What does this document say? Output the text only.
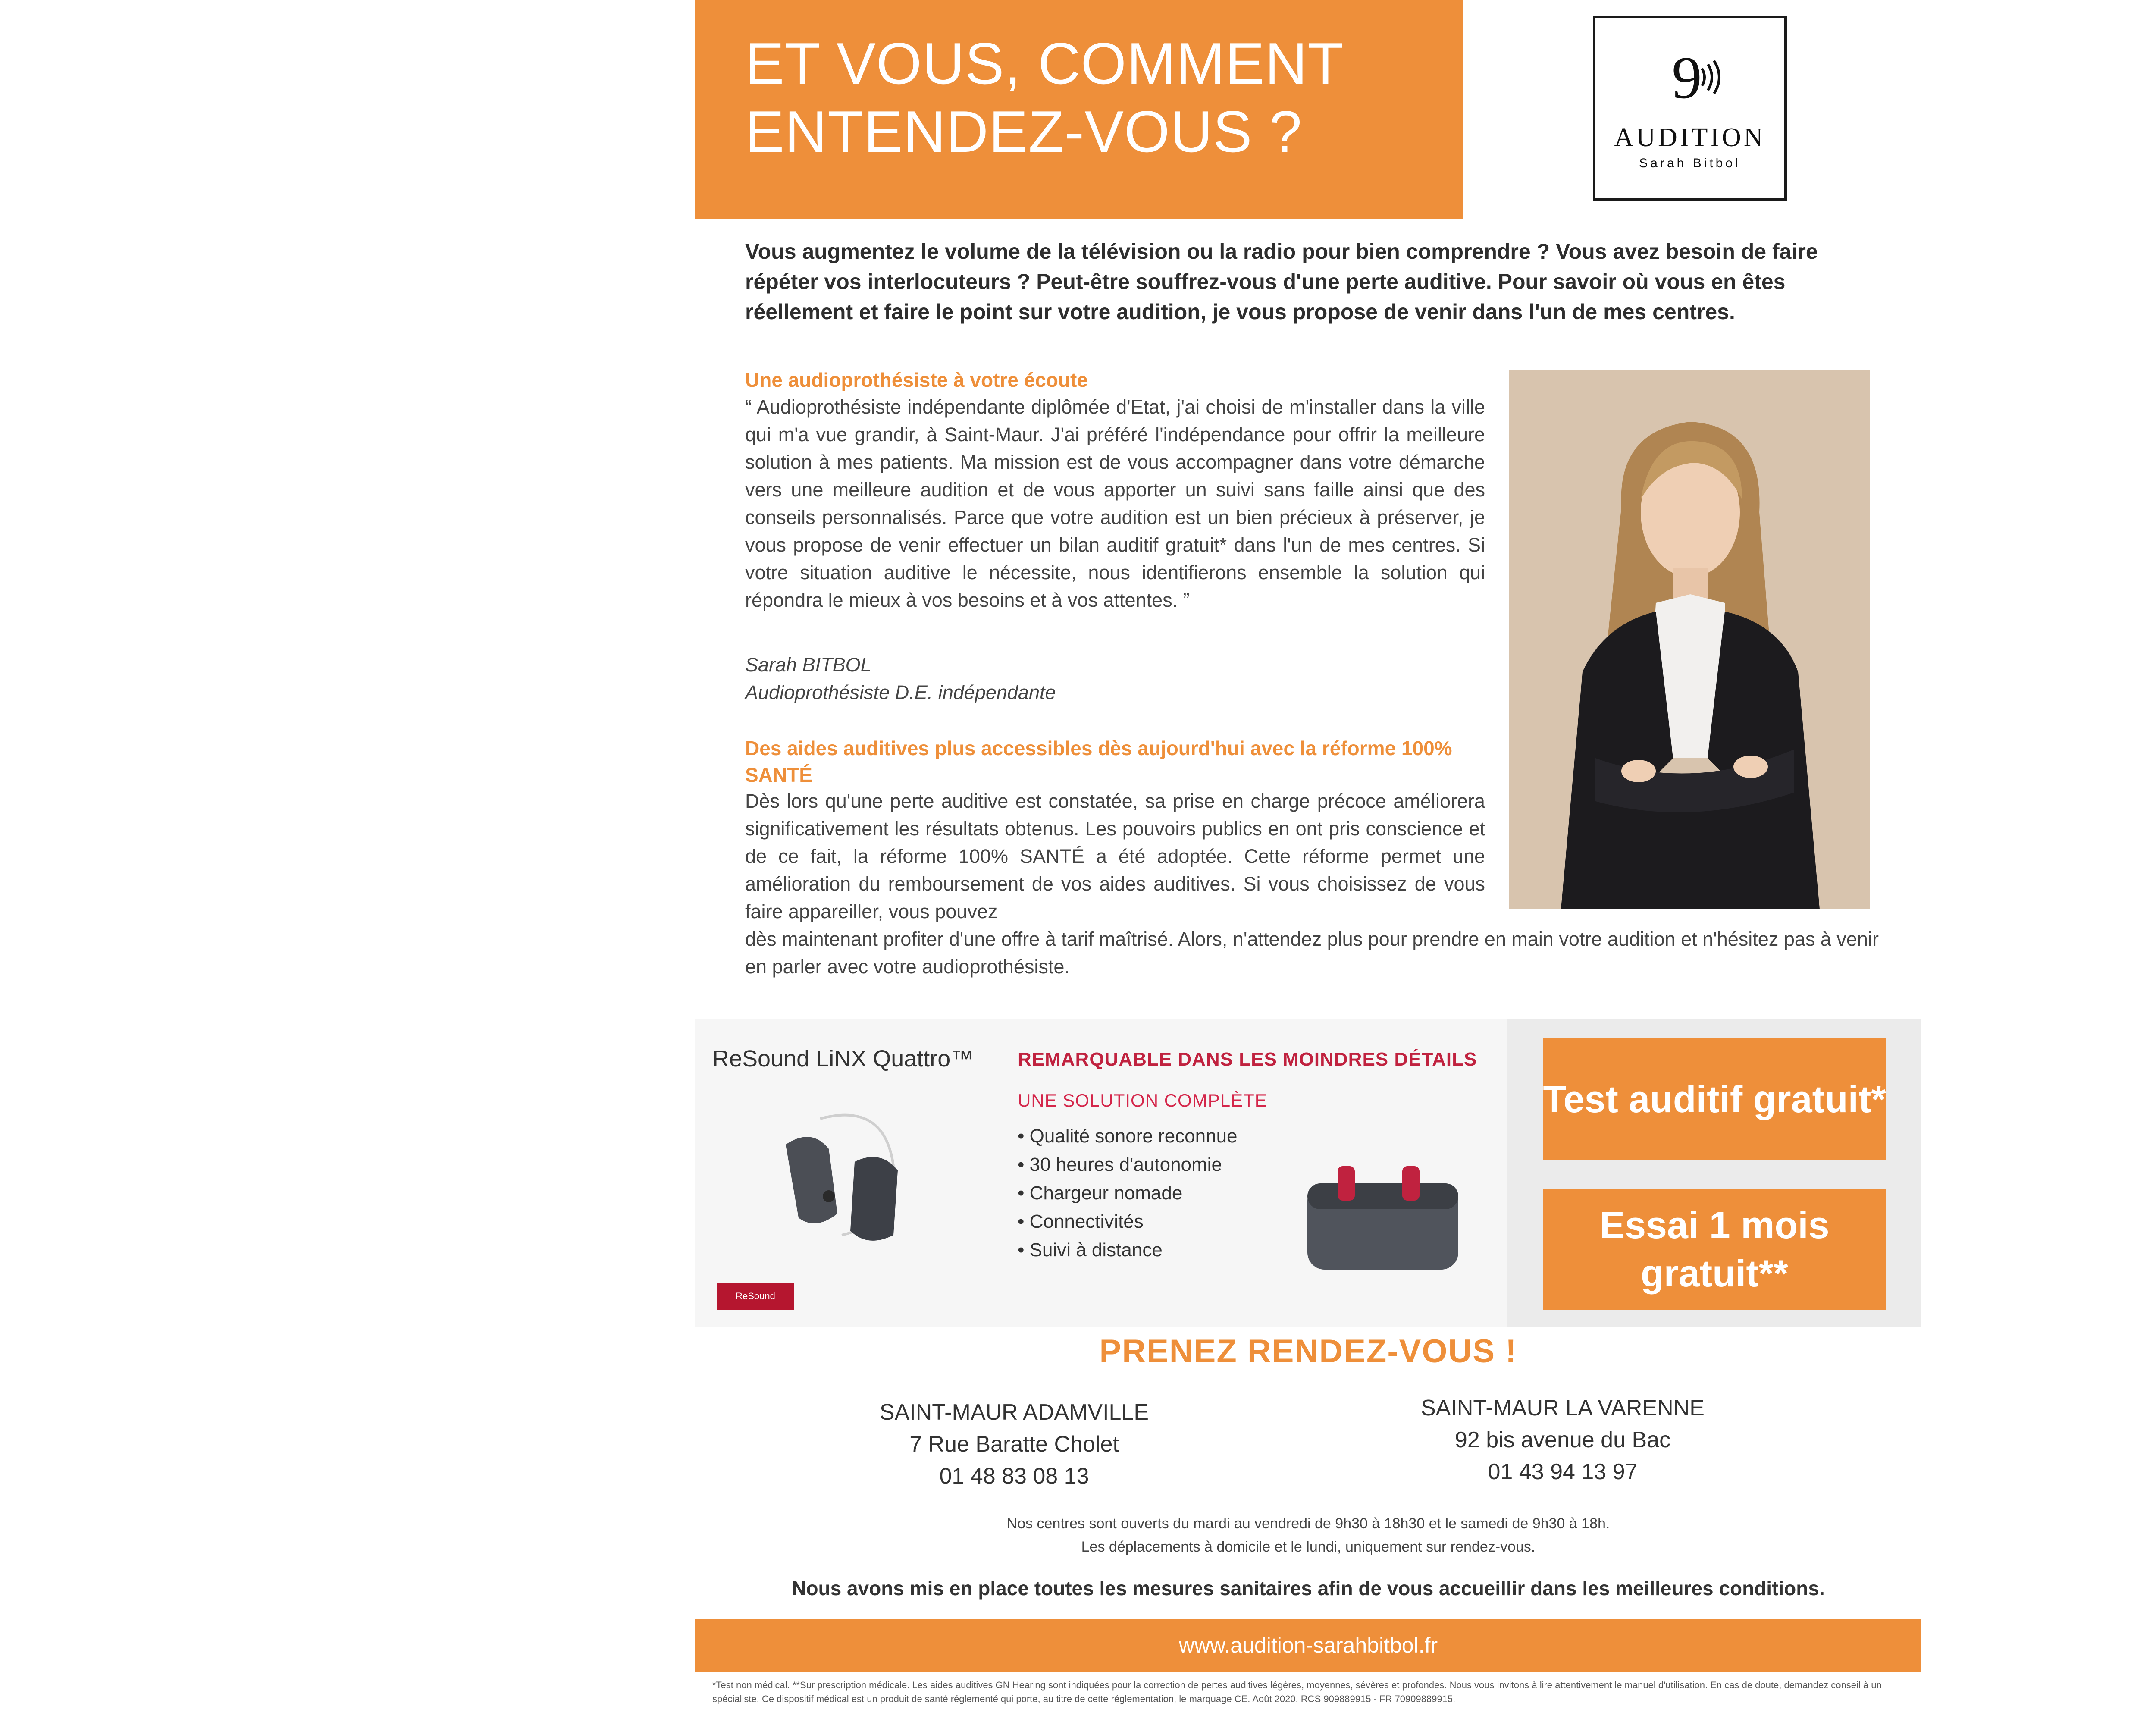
ET VOUS, COMMENT
ENTENDEZ-VOUS ?
9
AUDITION
Sarah Bitbol
Vous augmentez le volume de la télévision ou la radio pour bien comprendre ? Vous avez besoin de faire répéter vos interlocuteurs ? Peut-être souffrez-vous d'une perte auditive. Pour savoir où vous en êtes réellement et faire le point sur votre audition, je vous propose de venir dans l'un de mes centres.
Une audioprothésiste à votre écoute
“ Audioprothésiste indépendante diplômée d'Etat, j'ai choisi de m'installer dans la ville qui m'a vue grandir, à Saint-Maur. J'ai préféré l'indépendance pour offrir la meilleure solution à mes patients. Ma mission est de vous accompagner dans votre démarche vers une meilleure audition et de vous apporter un suivi sans faille ainsi que des conseils personnalisés. Parce que votre audition est un bien précieux à préserver, je vous propose de venir effectuer un bilan auditif gratuit* dans l'un de mes centres. Si votre situation auditive le nécessite, nous identifierons ensemble la solution qui répondra le mieux à vos besoins et à vos attentes. ”
Sarah BITBOL
Audioprothésiste D.E. indépendante
Des aides auditives plus accessibles dès aujourd'hui avec la réforme 100% SANTÉ
Dès lors qu'une perte auditive est constatée, sa prise en charge précoce améliorera significativement les résultats obtenus. Les pouvoirs publics en ont pris conscience et de ce fait, la réforme 100% SANTÉ a été adoptée. Cette réforme permet une amélioration du remboursement de vos aides auditives. Si vous choisissez de vous faire appareiller, vous pouvez
dès maintenant profiter d'une offre à tarif maîtrisé. Alors, n'attendez plus pour prendre en main votre audition et n'hésitez pas à venir en parler avec votre audioprothésiste.
ReSound LiNX Quattro™ REMARQUABLE DANS LES MOINDRES DÉTAILS
UNE SOLUTION COMPLÈTE
• Qualité sonore reconnue
• 30 heures d'autonomie
• Chargeur nomade
• Connectivités
• Suivi à distance
ReSound
Test auditif gratuit*
Essai 1 mois gratuit**
PRENEZ RENDEZ-VOUS !
SAINT-MAUR ADAMVILLE
7 Rue Baratte Cholet
01 48 83 08 13
SAINT-MAUR LA VARENNE
92 bis avenue du Bac
01 43 94 13 97
Nos centres sont ouverts du mardi au vendredi de 9h30 à 18h30 et le samedi de 9h30 à 18h.
Les déplacements à domicile et le lundi, uniquement sur rendez-vous.
Nous avons mis en place toutes les mesures sanitaires afin de vous accueillir dans les meilleures conditions.
www.audition-sarahbitbol.fr
*Test non médical. **Sur prescription médicale. Les aides auditives GN Hearing sont indiquées pour la correction de pertes auditives légères, moyennes, sévères et profondes. Nous vous invitons à lire attentivement le manuel d'utilisation. En cas de doute, demandez conseil à un spécialiste. Ce dispositif médical est un produit de santé réglementé qui porte, au titre de cette réglementation, le marquage CE. Août 2020. RCS 909889915 - FR 70909889915.
